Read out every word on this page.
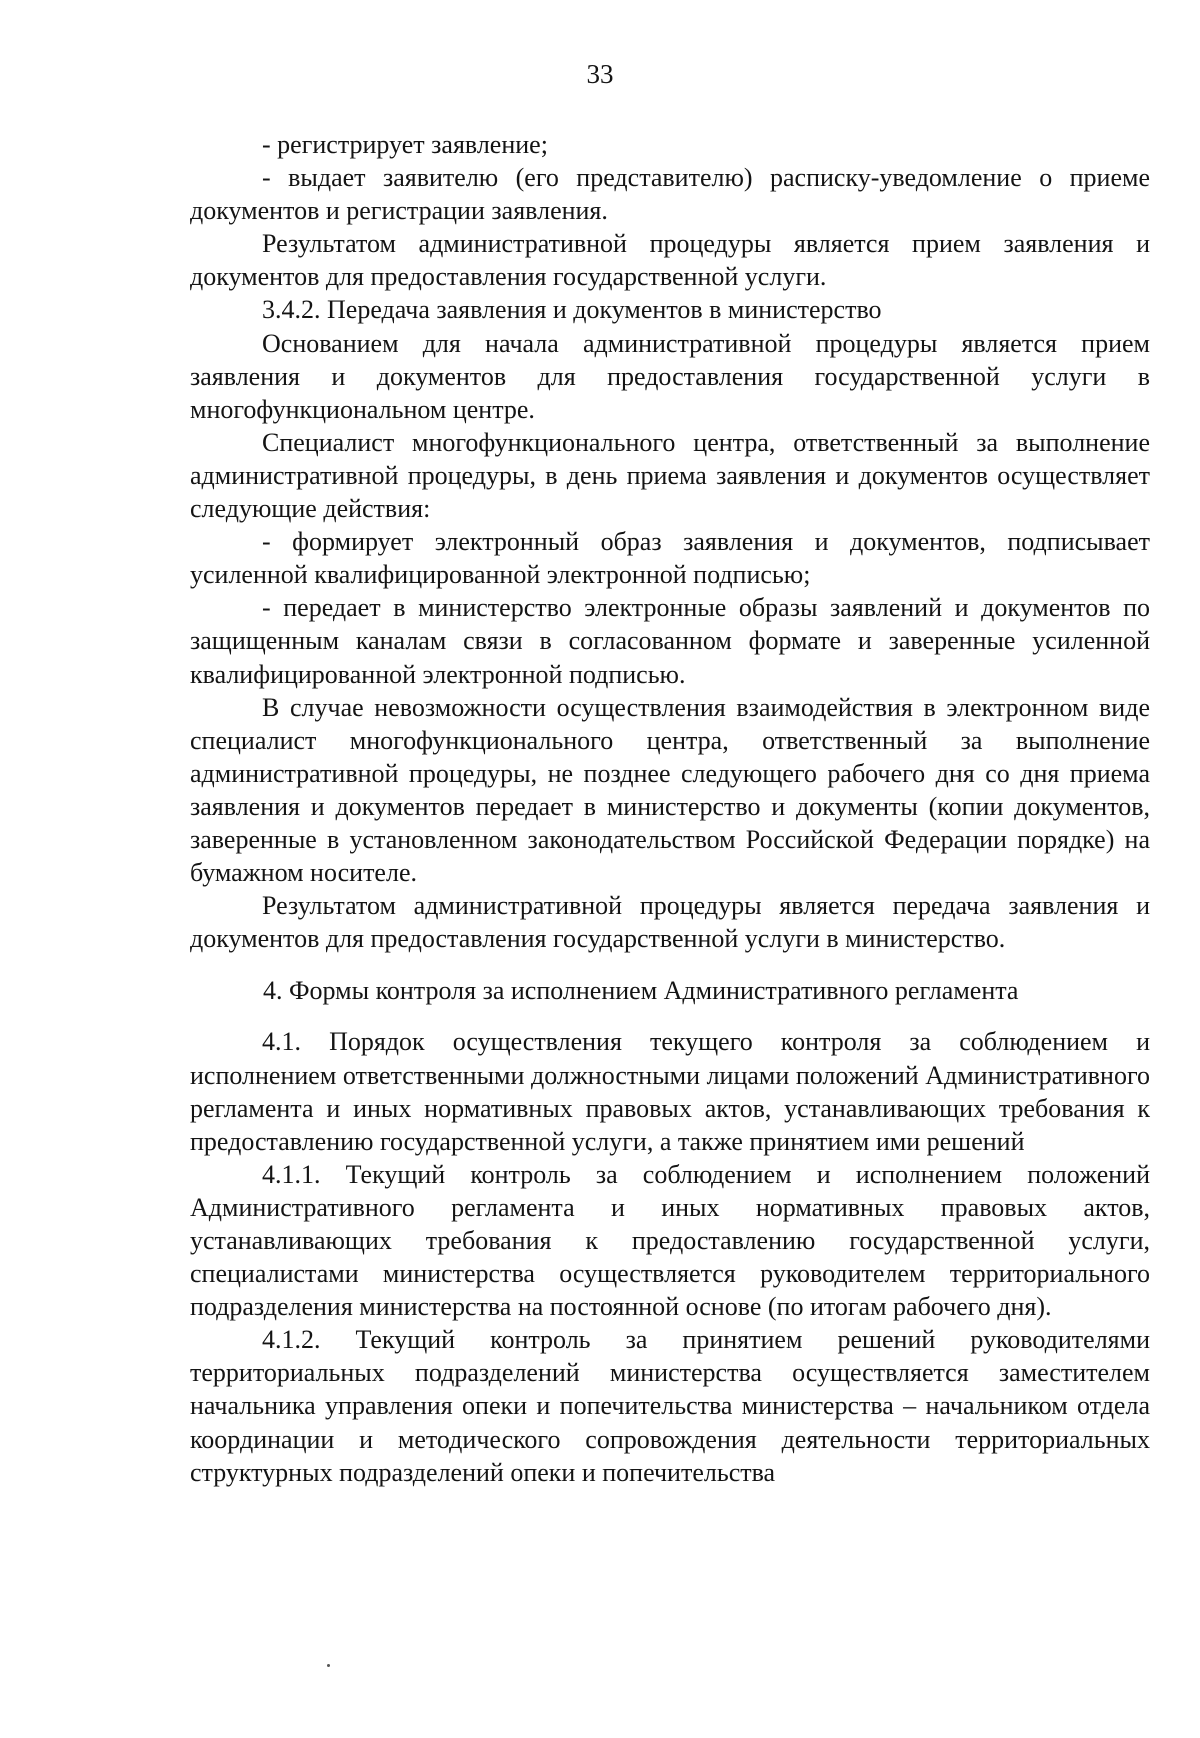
33

- регистрирует заявление;

- выдает заявителю (его представителю) расписку-уведомление о приеме документов и регистрации заявления.

Результатом административной процедуры является прием заявления и документов для предоставления государственной услуги.

3.4.2. Передача заявления и документов в министерство

Основанием для начала административной процедуры является прием заявления и документов для предоставления государственной услуги в многофункциональном центре.

Специалист многофункционального центра, ответственный за выполнение административной процедуры, в день приема заявления и документов осуществляет следующие действия:

- формирует электронный образ заявления и документов, подписывает усиленной квалифицированной электронной подписью;

- передает в министерство электронные образы заявлений и документов по защищенным каналам связи в согласованном формате и заверенные усиленной квалифицированной электронной подписью.

В случае невозможности осуществления взаимодействия в электронном виде специалист многофункционального центра, ответственный за выполнение административной процедуры, не позднее следующего рабочего дня со дня приема заявления и документов передает в министерство и документы (копии документов, заверенные в установленном законодательством Российской Федерации порядке) на бумажном носителе.

Результатом административной процедуры является передача заявления и документов для предоставления государственной услуги в министерство.

4. Формы контроля за исполнением Административного регламента

4.1. Порядок осуществления текущего контроля за соблюдением и исполнением ответственными должностными лицами положений Административного регламента и иных нормативных правовых актов, устанавливающих требования к предоставлению государственной услуги, а также принятием ими решений

4.1.1. Текущий контроль за соблюдением и исполнением положений Административного регламента и иных нормативных правовых актов, устанавливающих требования к предоставлению государственной услуги, специалистами министерства осуществляется руководителем территориального подразделения министерства на постоянной основе (по итогам рабочего дня).

4.1.2. Текущий контроль за принятием решений руководителями территориальных подразделений министерства осуществляется заместителем начальника управления опеки и попечительства министерства – начальником отдела координации и методического сопровождения деятельности территориальных структурных подразделений опеки и попечительства
